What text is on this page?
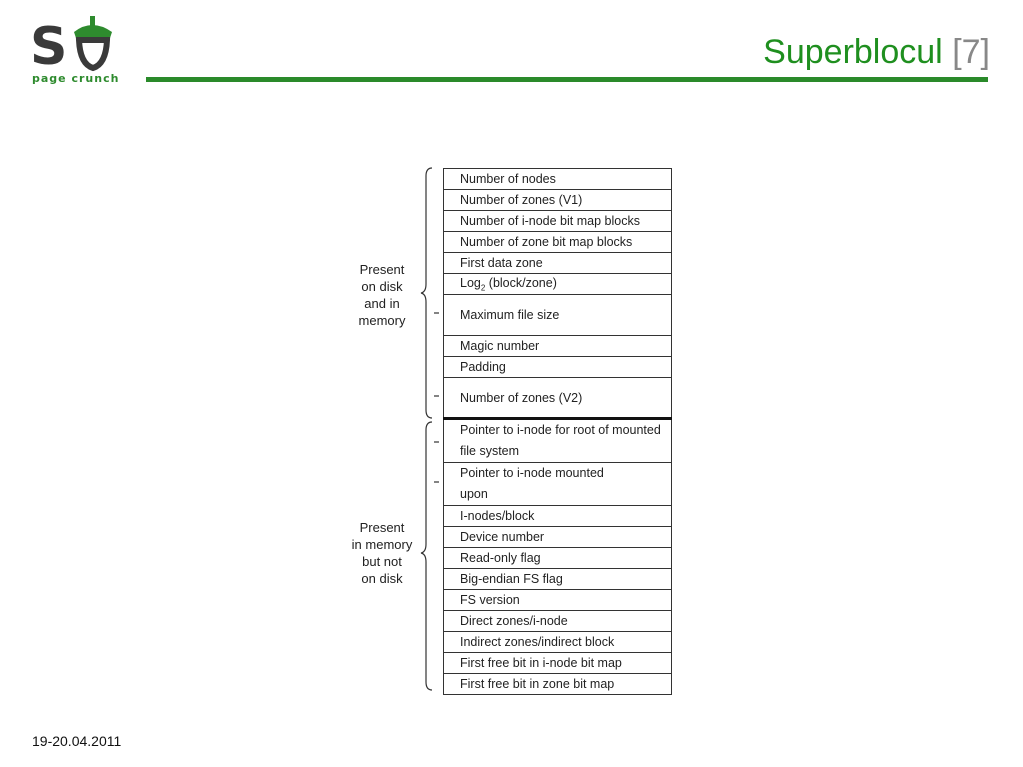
S
page crunch
Superblocul [7]
Present
on disk
and in
memory
Present
in memory
but not
on disk
Number of nodes
Number of zones (V1)
Number of i-node bit map blocks
Number of zone bit map blocks
First data zone
Log$_2$ (block/zone)
Maximum file size
Magic number
Padding
Number of zones (V2)
Pointer to i-node for root of mounted file system
Pointer to i-node mounted upon
I-nodes/block
Device number
Read-only flag
Big-endian FS flag
FS version
Direct zones/i-node
Indirect zones/indirect block
First free bit in i-node bit map
First free bit in zone bit map
19-20.04.2011
